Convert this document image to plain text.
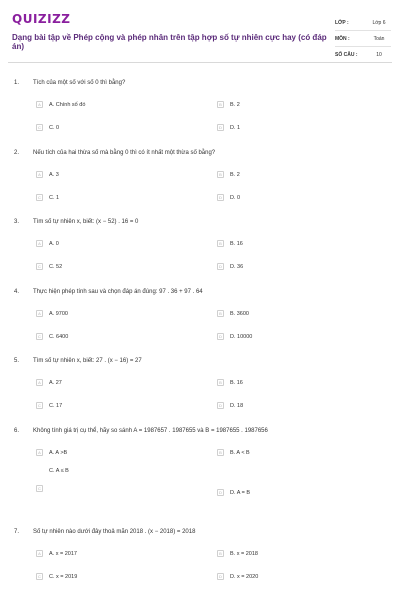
QUIZIZZ
Dạng bài tập về Phép cộng và phép nhân trên tập hợp số tự nhiên cực hay (có đáp án)
LỚP :	Lớp 6
MÔN :	Toán
SỐ CÂU :	10
1. Tích của một số với số 0 thì bằng?
A	A. Chính số đó	B	B. 2
C	C. 0	D	D. 1
2. Nếu tích của hai thừa số mà bằng 0 thì có ít nhất một thừa số bằng?
A	A. 3	B	B. 2
C	C. 1	D	D. 0
3. Tìm số tự nhiên x, biết: (x − 52) . 16 = 0
A	A. 0	B	B. 16
C	C. 52	D	D. 36
4. Thực hiện phép tính sau và chọn đáp án đúng: 97 . 36 + 97 . 64
A	A. 9700	B	B. 3600
C	C. 6400	D	D. 10000
5. Tìm số tự nhiên x, biết: 27 . (x − 16) = 27
A	A. 27	B	B. 16
C	C. 17	D	D. 18
6. Không tính giá trị cụ thể, hãy so sánh A = 1987657 . 1987655 và B = 1987655 . 1987656
A	A. A >B	B	B. A < B
C. A ≤ B
C
D	D. A = B
7. Số tự nhiên nào dưới đây thoả mãn 2018 . (x − 2018) = 2018
A	A. x = 2017	B	B. x = 2018
C	C. x = 2019	D	D. x = 2020
